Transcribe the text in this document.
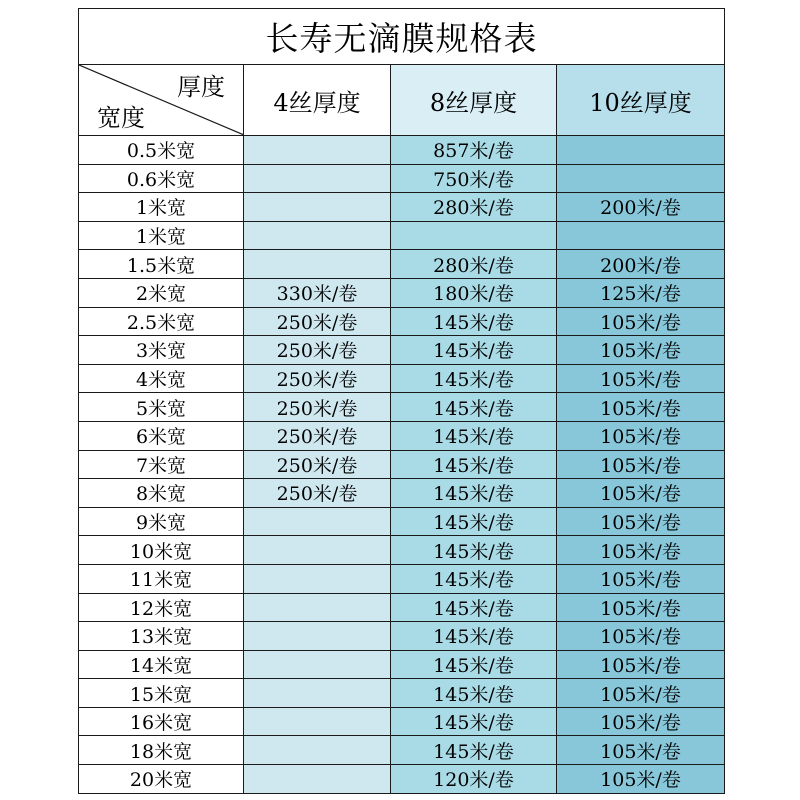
长寿无滴膜规格表			

厚度
宽度	4丝厚度	8丝厚度	10丝厚度
0.5米宽		857米/卷	
0.6米宽		750米/卷	
1米宽		280米/卷	200米/卷
1米宽			
1.5米宽		280米/卷	200米/卷
2米宽	330米/卷	180米/卷	125米/卷
2.5米宽	250米/卷	145米/卷	105米/卷
3米宽	250米/卷	145米/卷	105米/卷
4米宽	250米/卷	145米/卷	105米/卷
5米宽	250米/卷	145米/卷	105米/卷
6米宽	250米/卷	145米/卷	105米/卷
7米宽	250米/卷	145米/卷	105米/卷
8米宽	250米/卷	145米/卷	105米/卷
9米宽		145米/卷	105米/卷
10米宽		145米/卷	105米/卷
11米宽		145米/卷	105米/卷
12米宽		145米/卷	105米/卷
13米宽		145米/卷	105米/卷
14米宽		145米/卷	105米/卷
15米宽		145米/卷	105米/卷
16米宽		145米/卷	105米/卷
18米宽		145米/卷	105米/卷
20米宽		120米/卷	105米/卷
